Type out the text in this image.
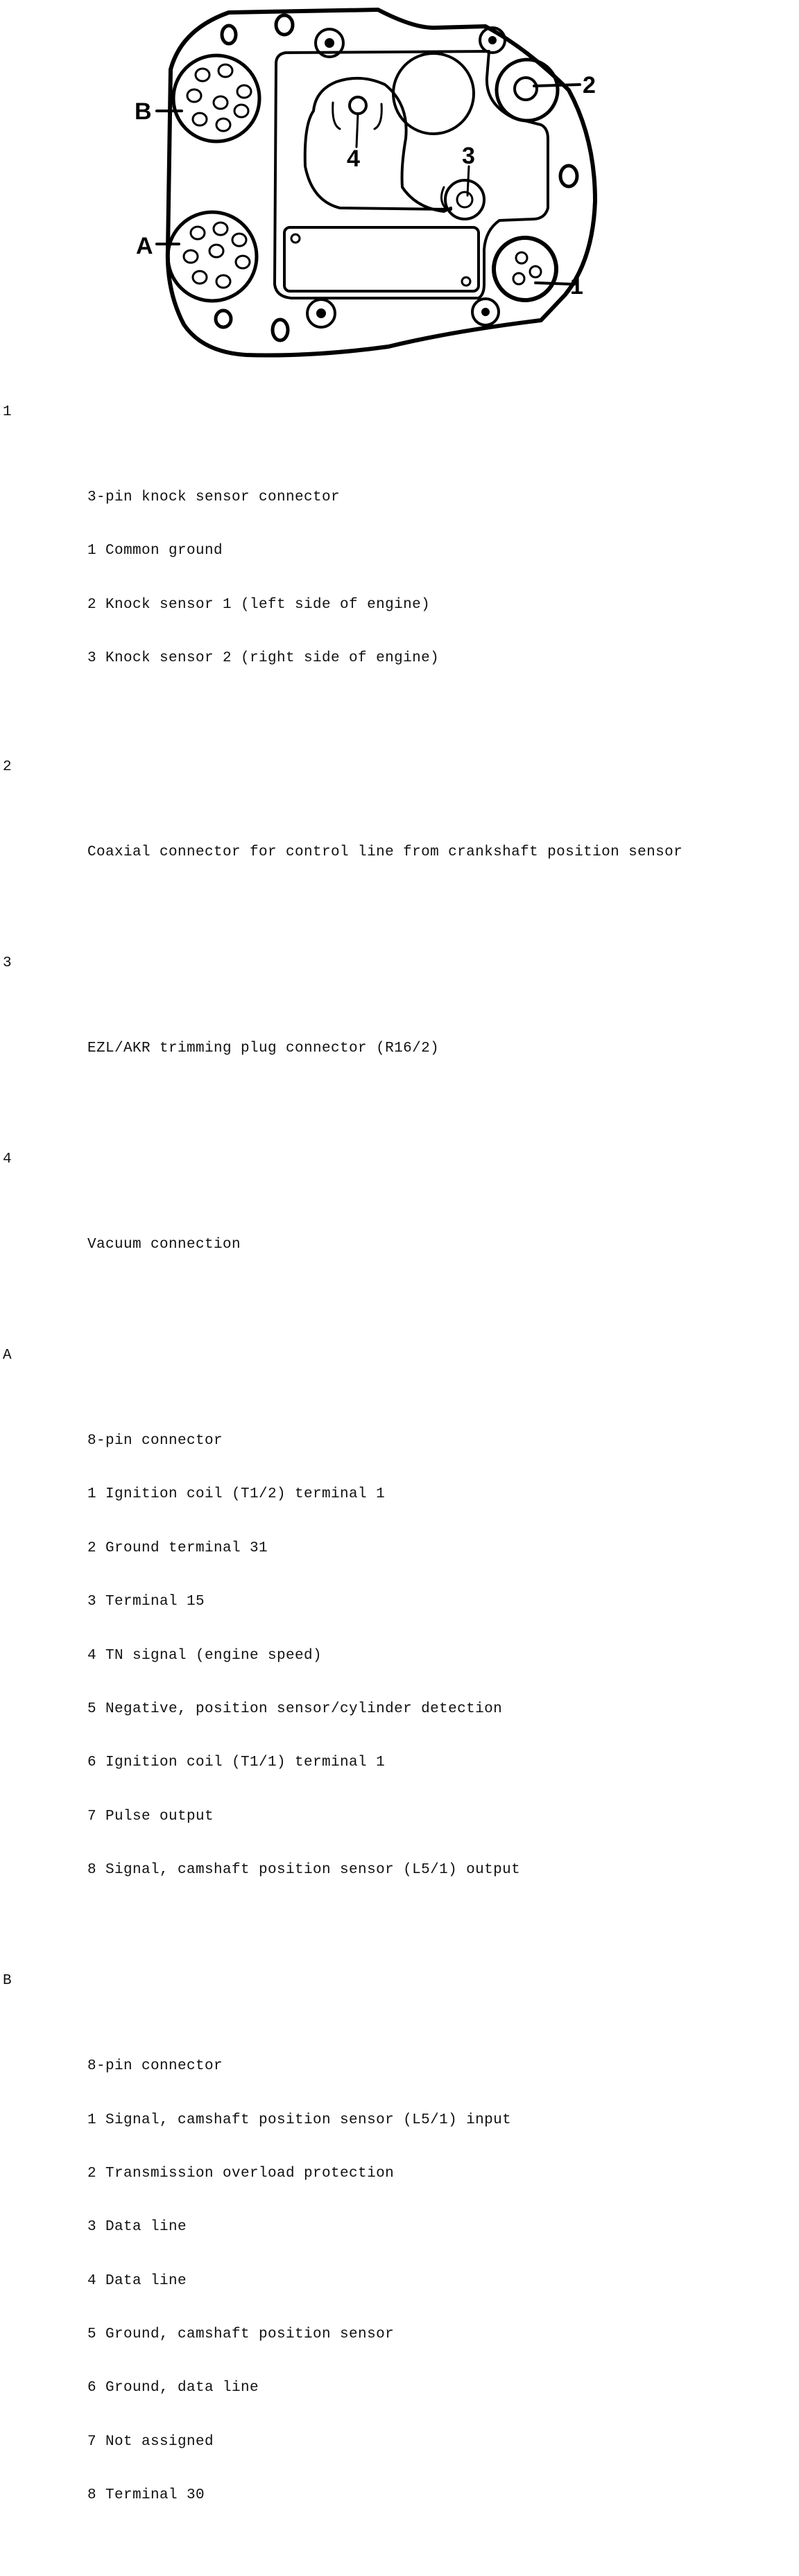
1
2
3
4
A
B

1

3-pin knock sensor connector

1 Common ground

2 Knock sensor 1 (left side of engine)

3 Knock sensor 2 (right side of engine)

2

Coaxial connector for control line from crankshaft position sensor

3

EZL/AKR trimming plug connector (R16/2)

4

Vacuum connection

A

8-pin connector

1 Ignition coil (T1/2) terminal 1

2 Ground terminal 31

3 Terminal 15

4 TN signal (engine speed)

5 Negative, position sensor/cylinder detection

6 Ignition coil (T1/1) terminal 1

7 Pulse output

8 Signal, camshaft position sensor (L5/1) output

B

8-pin connector

1 Signal, camshaft position sensor (L5/1) input

2 Transmission overload protection

3 Data line

4 Data line

5 Ground, camshaft position sensor

6 Ground, data line

7 Not assigned

8 Terminal 30
